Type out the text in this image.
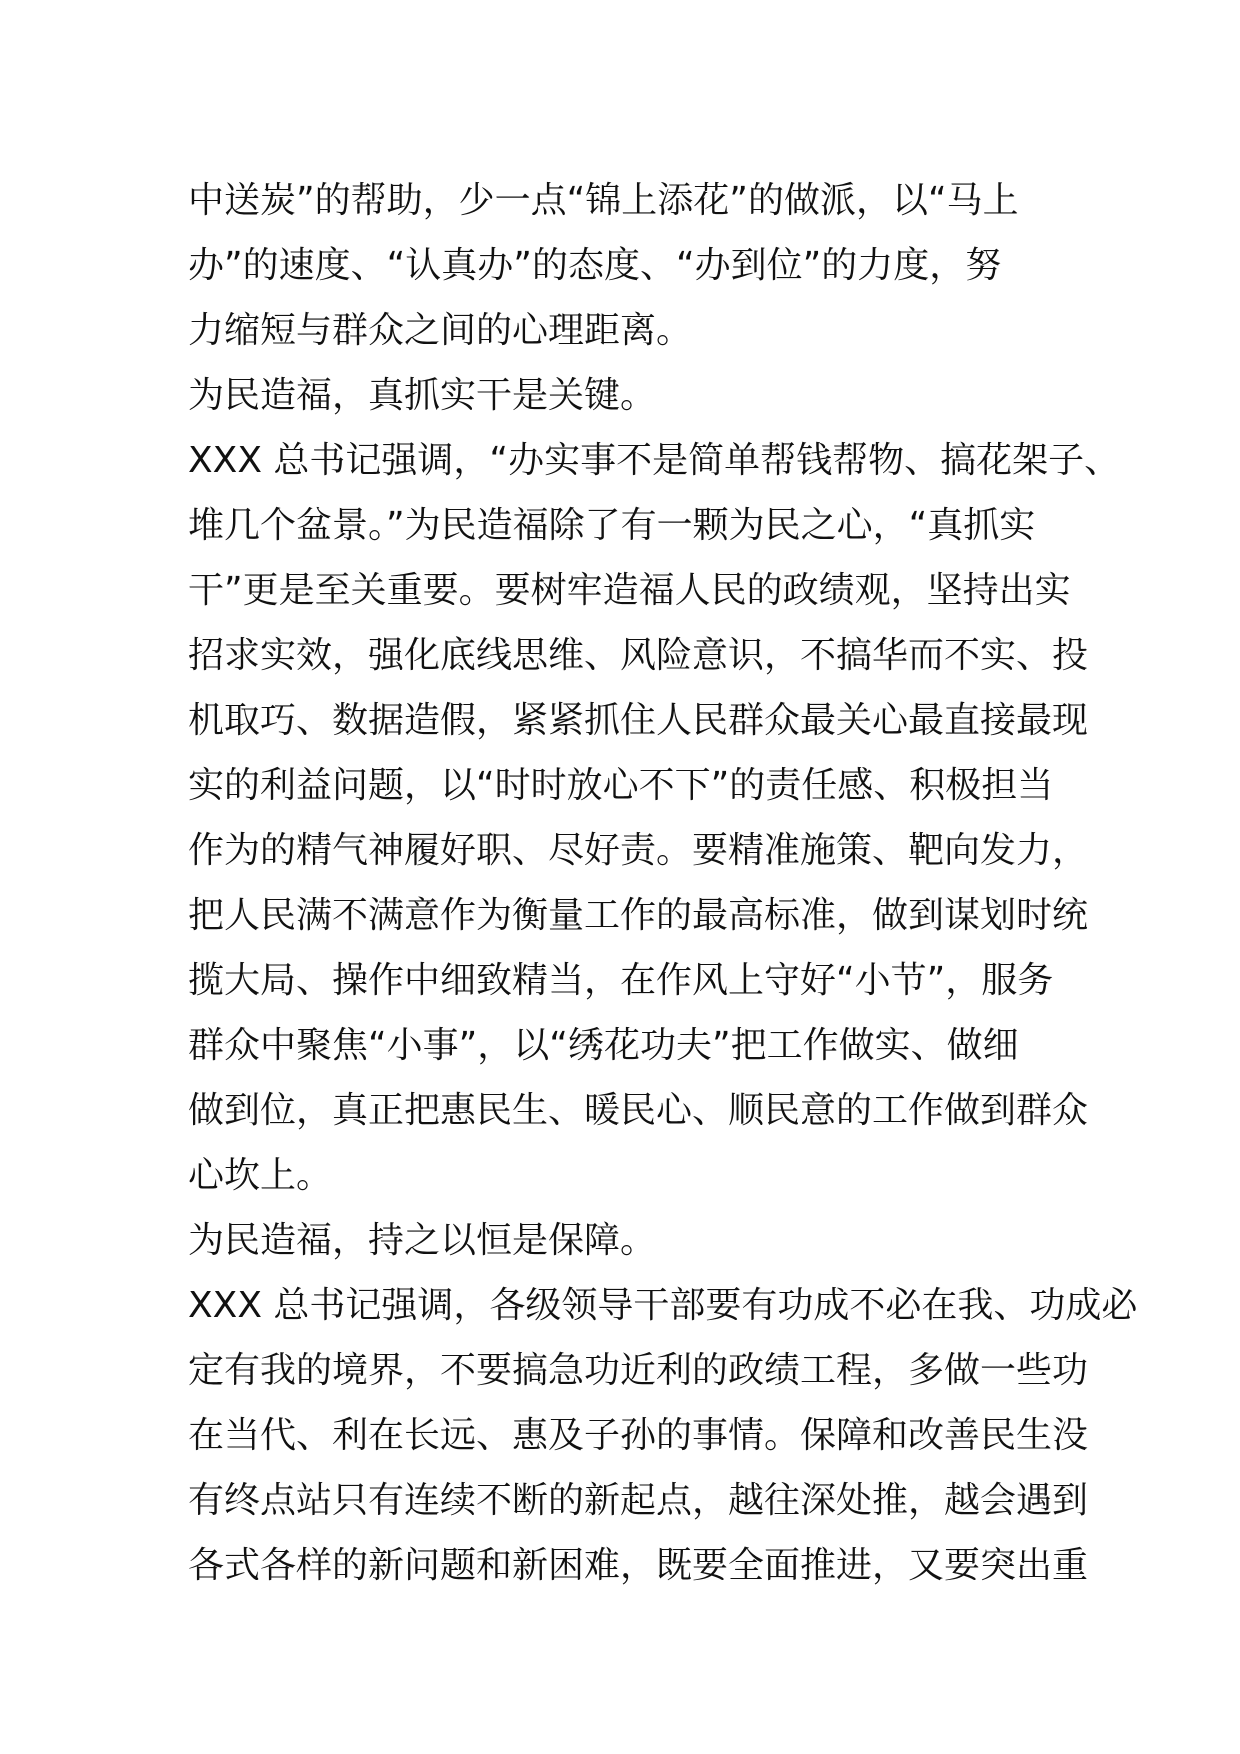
中送炭”的帮助，少一点“锦上添花”的做派，以“马上
办”的速度、“认真办”的态度、“办到位”的力度，努
力缩短与群众之间的心理距离。
为民造福，真抓实干是关键。
XXX 总书记强调，“办实事不是简单帮钱帮物、搞花架子、
堆几个盆景。”为民造福除了有一颗为民之心，“真抓实
干”更是至关重要。要树牢造福人民的政绩观，坚持出实
招求实效，强化底线思维、风险意识，不搞华而不实、投
机取巧、数据造假，紧紧抓住人民群众最关心最直接最现
实的利益问题，以“时时放心不下”的责任感、积极担当
作为的精气神履好职、尽好责。要精准施策、靶向发力，
把人民满不满意作为衡量工作的最高标准，做到谋划时统
揽大局、操作中细致精当，在作风上守好“小节”，服务
群众中聚焦“小事”，以“绣花功夫”把工作做实、做细
做到位，真正把惠民生、暖民心、顺民意的工作做到群众
心坎上。
为民造福，持之以恒是保障。
XXX 总书记强调，各级领导干部要有功成不必在我、功成必
定有我的境界，不要搞急功近利的政绩工程，多做一些功
在当代、利在长远、惠及子孙的事情。保障和改善民生没
有终点站只有连续不断的新起点，越往深处推，越会遇到
各式各样的新问题和新困难，既要全面推进，又要突出重
